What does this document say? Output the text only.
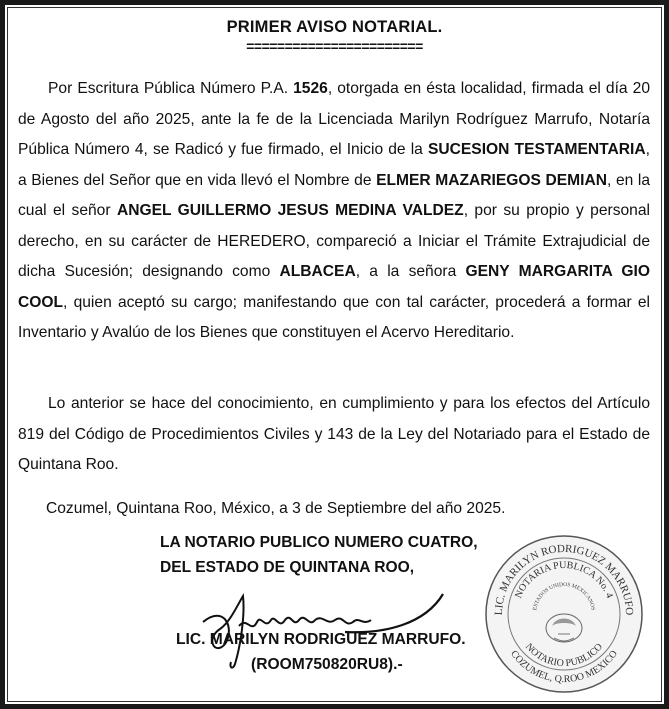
PRIMER AVISO NOTARIAL.
=======================
Por Escritura Pública Número P.A. 1526, otorgada en ésta localidad, firmada el día 20 de Agosto del año 2025, ante la fe de la Licenciada Marilyn Rodríguez Marrufo, Notaría Pública Número 4, se Radicó y fue firmado, el Inicio de la SUCESION TESTAMENTARIA, a Bienes del Señor que en vida llevó el Nombre de ELMER MAZARIEGOS DEMIAN, en la cual el señor ANGEL GUILLERMO JESUS MEDINA VALDEZ, por su propio y personal derecho, en su carácter de HEREDERO, compareció a Iniciar el Trámite Extrajudicial de dicha Sucesión; designando como ALBACEA, a la señora GENY MARGARITA GIO COOL, quien aceptó su cargo; manifestando que con tal carácter, procederá a formar el Inventario y Avalúo de los Bienes que constituyen el Acervo Hereditario.
Lo anterior se hace del conocimiento, en cumplimiento y para los efectos del Artículo 819 del Código de Procedimientos Civiles y 143 de la Ley del Notariado para el Estado de Quintana Roo.
Cozumel, Quintana Roo, México, a 3 de Septiembre del año 2025.
LA NOTARIO PUBLICO NUMERO CUATRO,
DEL ESTADO DE QUINTANA ROO,
LIC. MARILYN RODRIGUEZ MARRUFO.
(ROOM750820RU8).-
LIC. MARILYN RODRIGUEZ MARRUFO
NOTARIA PUBLICA No. 4
ESTADOS UNIDOS MEXICANOS
COZUMEL, Q.ROO MEXICO
NOTARIO PUBLICO
